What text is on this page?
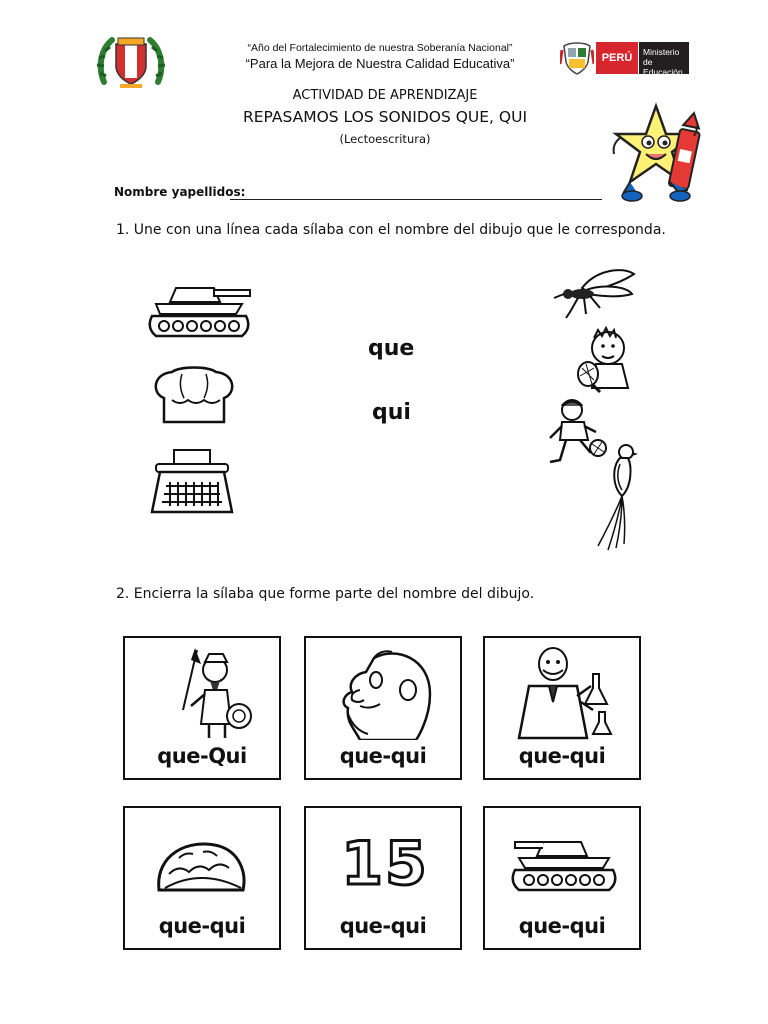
“Año del Fortalecimiento de nuestra Soberanía Nacional”
“Para la Mejora de Nuestra Calidad Educativa”	PERÚ	Ministerio de Educación
ACTIVIDAD DE APRENDIZAJE
REPASAMOS LOS SONIDOS QUE, QUI
(Lectoescritura)
Nombre yapellidos:
1. Une con una línea cada sílaba con el nombre del dibujo que le corresponda.
que
qui
2. Encierra la sílaba que forme parte del nombre del dibujo.
que-Qui	que-qui	que-qui
que-qui
15
que-qui	que-qui
